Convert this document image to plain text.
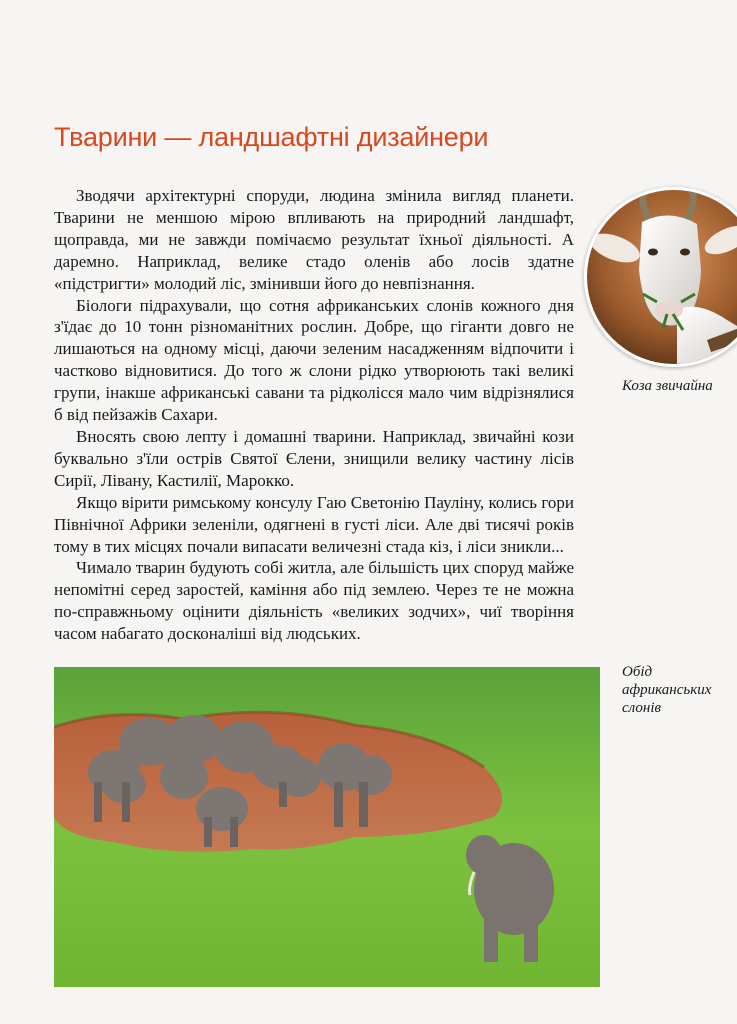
Тварини — ландшафтні дизайнери

Зводячи архітектурні споруди, людина змінила вигляд планети. Тварини не меншою мірою впливають на природний ландшафт, щоправда, ми не завжди помічаємо результат їхньої діяльності. А даремно. Наприклад, велике стадо оленів або лосів здатне «підстригти» молодий ліс, змінивши його до невпізнання.

Біологи підрахували, що сотня африканських слонів кожного дня з'їдає до 10 тонн різноманітних рослин. Добре, що гіганти довго не лишаються на одному місці, даючи зеленим насадженням відпочити і частково відновитися. До того ж слони рідко утворюють такі великі групи, інакше африканські савани та рідколісся мало чим відрізнялися б від пейзажів Сахари.

Вносять свою лепту і домашні тварини. Наприклад, звичайні кози буквально з'їли острів Святої Єлени, знищили велику частину лісів Сирії, Лівану, Кастилії, Марокко.

Якщо вірити римському консулу Гаю Светонію Пауліну, колись гори Північної Африки зеленіли, одягнені в густі ліси. Але дві тисячі років тому в тих місцях почали випасати величезні стада кіз, і ліси зникли...

Чимало тварин будують собі житла, але більшість цих споруд майже непомітні серед заростей, каміння або під землею. Через те не можна по-справжньому оцінити діяльність «великих зодчих», чиї творіння часом набагато досконаліші від людських.

Коза звичайна
Обід африканських слонів
